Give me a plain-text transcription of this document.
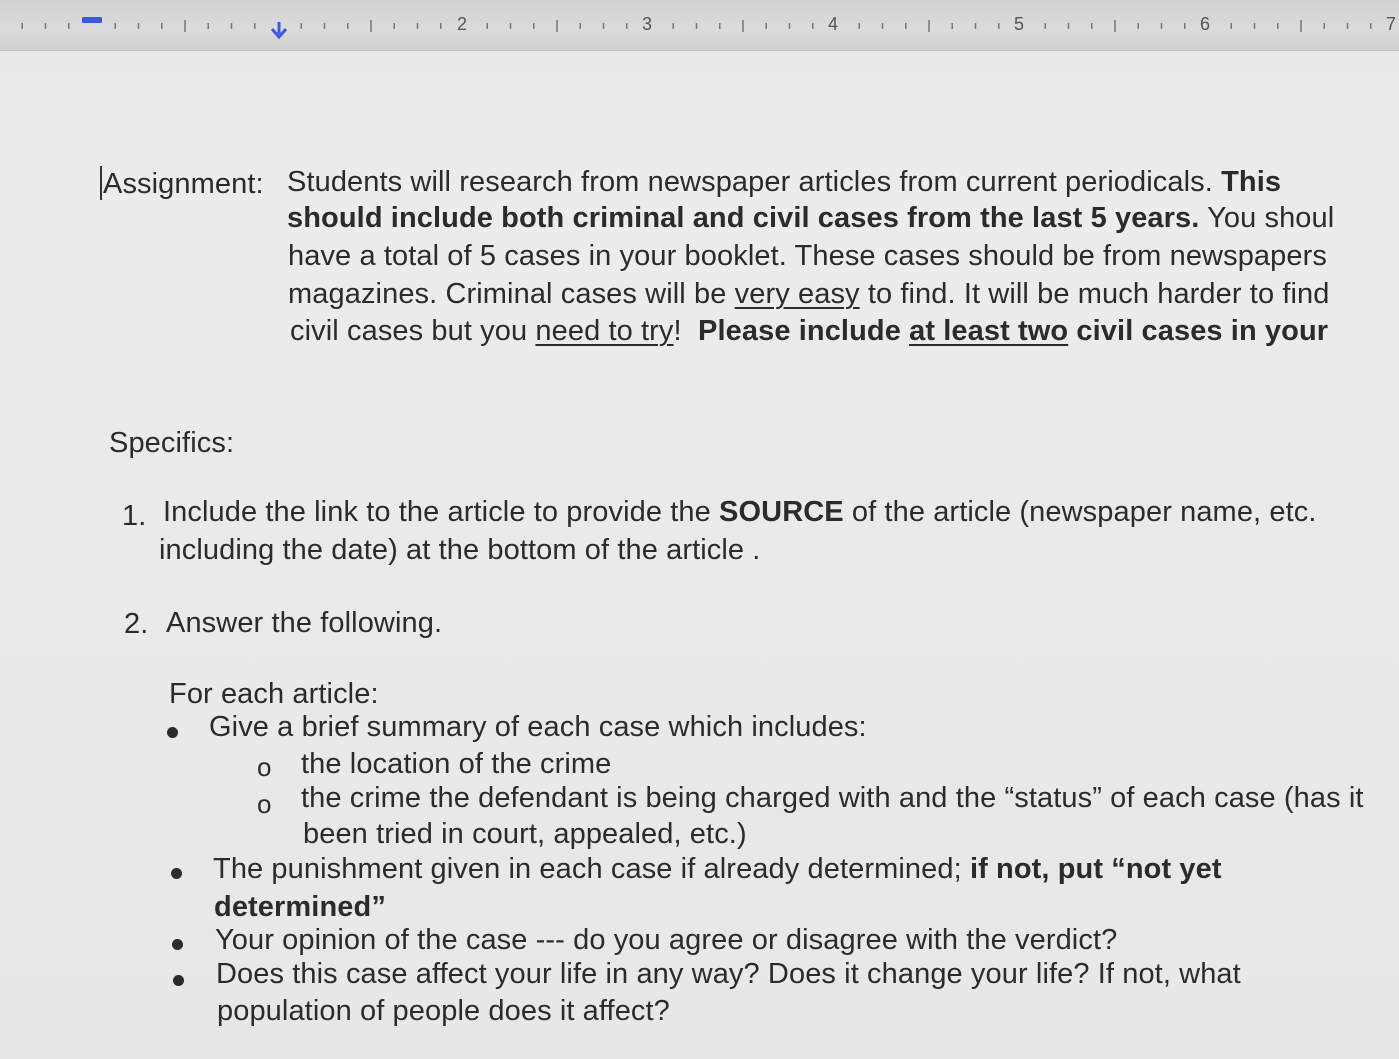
2	3	4	5	6	7
Assignment: Students will research from newspaper articles from current periodicals. This
should include both criminal and civil cases from the last 5 years. You shoul
have a total of 5 cases in your booklet. These cases should be from newspapers
magazines. Criminal cases will be very easy to find. It will be much harder to find
civil cases but you need to try! Please include at least two civil cases in your
Specifics:
1. Include the link to the article to provide the SOURCE of the article (newspaper name, etc.
including the date) at the bottom of the article .
2. Answer the following.
For each article:
Give a brief summary of each case which includes:
o the location of the crime
o the crime the defendant is being charged with and the “status” of each case (has it
been tried in court, appealed, etc.)
The punishment given in each case if already determined; if not, put “not yet
determined”
Your opinion of the case --- do you agree or disagree with the verdict?
Does this case affect your life in any way? Does it change your life? If not, what
population of people does it affect?
